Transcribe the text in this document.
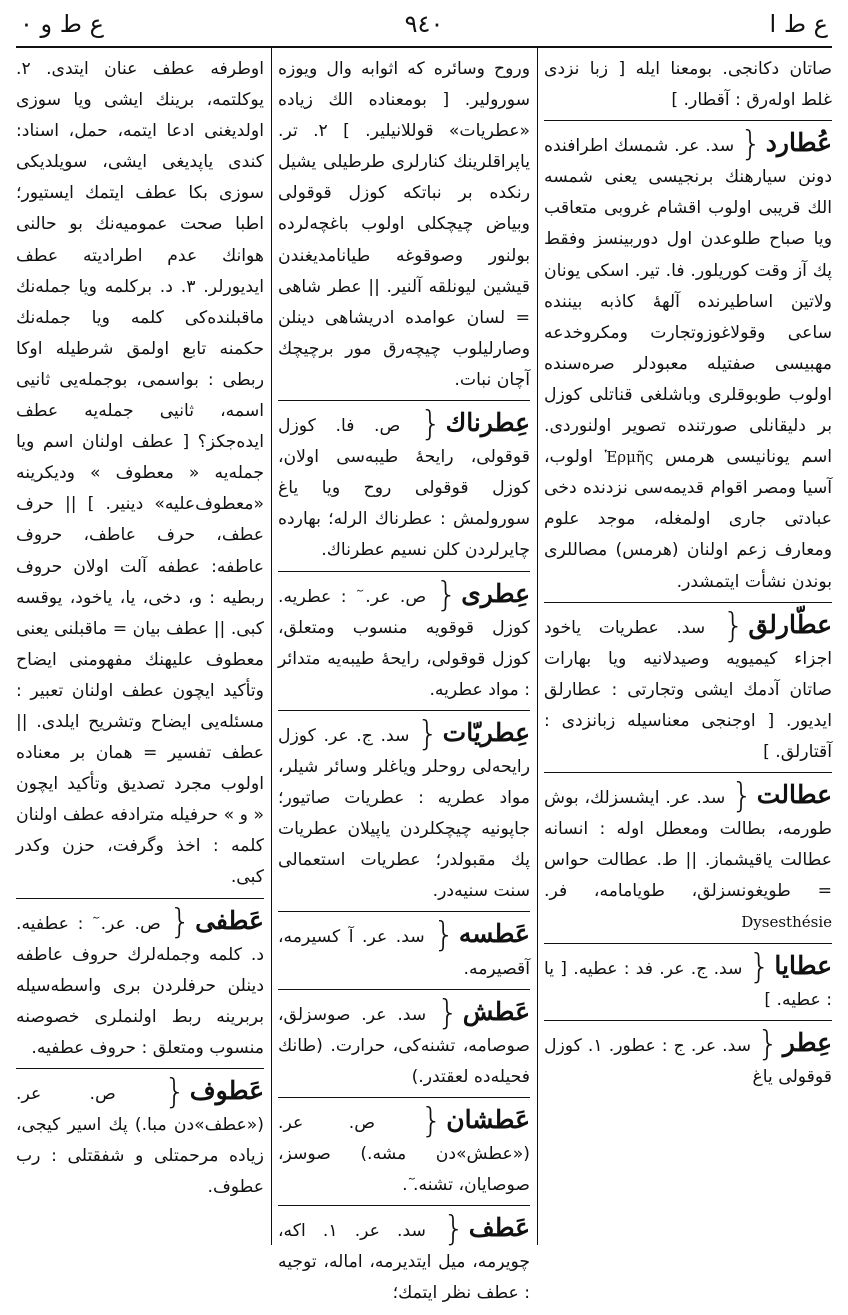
ع ط و ۰	۹٤۰	ع ط ا

صاتان دكانجى. بومعنا ايله [ زبا نزدى غلط اوله‌رق : آقطار. ]

عُطارد{ سد. عر. شمسك اطرافنده دونن سیارهنك برنجیسى يعنى شمسه الك قريبى اولوب اقشام غروبى متعاقب ويا صباح طلوعدن اول دوربينسز وفقط پك آز وقت كوريلور. فا. تير. اسكى يونان ولاتين اساطيرنده آلهۀ كاذبه بيننده ساعى وقولاغوزوتجارت ومكروخدعه مهبيسى صفتيله معبودلر صره‌سنده اولوب طوبوقلرى وباشلغى قناتلى كوزل بر دليقانلى صورتنده تصوير اولنوردى. اسم يونانيسى هرمس Ἑρμῆς اولوب، آسيا ومصر اقوام قديمه‌سى نزدنده دخى عبادتى جارى اولمغله، موجد علوم ومعارف زعم اولنان (هرمس) مصاللرى بوندن نشأت ايتمشدر.
عطّارلق{ سد. عطريات ياخود اجزاء كيمیويه وصيدلانيه ويا بهارات صاتان آدمك ايشى وتجارتى : عطارلق ايديور. [ اوجنجى معناسيله زبانزدى : آقتارلق. ]
عطالت{ سد. عر. ايشسزلك، بوش طورمه، بطالت ومعطل اوله : انسانه عطالت ياقيشماز. || ط. عطالت حواس = طويغونسزلق، طويامامه، فر. Dysesthésie
عطايا{ سد. ج. عر. فد : عطيه. [ يا : عطيه. ]
عِطر{ سد. عر. ج : عطور. ۱. كوزل قوقولى ياغ

وروح وسائره كه اثوابه وال ويوزه سورولير. [ بومعناده الك زياده «عطريات» قوللانيلير. ] ۲. تر. ياپراقلرينك كنارلرى طرطيلى يشيل رنكده بر نباتكه كوزل قوقولى وبياض چيچكلى اولوب باغچه‌لرده بولنور وصوقوغه طيانامديغندن قيشين ليونلقه آلنير. || عطر شاهى = لسان عوامده ادريشاهى دينلن وصارليلوب چيچه‌رق مور برچيچك آچان نبات.

عِطرناك{ ص. فا. كوزل قوقولى، رايحۀ طيبه‌سى اولان، كوزل قوقولى روح ويا ياغ سورولمش : عطرناك الرله؛ بهارده چايرلردن كلن نسيم عطرناك.
عِطرى{ ص. عر. ٓ : عطريه. كوزل قوقويه منسوب ومتعلق، كوزل قوقولى، رايحۀ طيبه‌يه متدائر : مواد عطريه.
عِطريّات{ سد. ج. عر. كوزل رايحه‌لى روحلر وياغلر وسائر شيلر، مواد عطريه : عطريات صاتيور؛ جاپونيه چيچكلردن ياپيلان عطريات پك مقبولدر؛ عطريات استعمالى سنت سنيه‌در.
عَطسه{ سد. عر. آ كسيرمه، آقصيرمه.
عَطش{ سد. عر. صوسزلق، صوصامه، تشنه‌كى، حرارت. (طانك فحيله‌ده لعقتدر.)
عَطشان{ ص. عر. («عطش»دن مشه.) صوسز، صوصايان، تشنه. ٓ.
عَطف{ سد. عر. ۱. اكه، چويرمه، ميل ايتديرمه، اماله، توجيه : عطف نظر ايتمك؛

اوطرفه عطف عنان ايتدى. ۲. يوكلتمه، برينك ايشى ويا سوزى اولديغنى ادعا ايتمه، حمل، اسناد: كندى ياپديغى ايشى، سويلديكى سوزى بكا عطف ايتمك ايستيور؛ اطبا صحت عموميه‌نك بو حالنى هوانك عدم اطراديته عطف ايديورلر. ۳. د. بركلمه ويا جمله‌نك ماقبلنده‌كى كلمه ويا جمله‌نك حكمنه تابع اولمق شرطيله اوكا ربطى : بواسمى، بوجمله‌يى ثانيى اسمه، ثانيى جمله‌يه عطف ايده‌جكز؟ [ عطف اولنان اسم ويا جمله‌يه « معطوف » وديكرينه «معطوف‌عليه» دينير. ] || حرف عطف، حرف عاطف، حروف عاطفه: عطفه آلت اولان حروف ربطيه : و، دخى، يا، ياخود، يوقسه كبى. || عطف بيان = ماقبلنى يعنى معطوف عليهنك مفهومنى ايضاح وتأكيد ايچون عطف اولنان تعبير : مسئله‌يى ايضاح وتشريح ايلدى. || عطف تفسير = همان بر معناده اولوب مجرد تصديق وتأكيد ايچون « و » حرفيله مترادفه عطف اولنان كلمه : اخذ وگرفت، حزن وكدر كبى.

عَطفى{ ص. عر. ٓ : عطفيه. د. كلمه وجمله‌لرك حروف عاطفه دينلن حرفلردن برى واسطه‌سيله بربرينه ربط اولنملرى خصوصنه منسوب ومتعلق : حروف عطفيه.
عَطوف{ ص. عر. («عطف»دن مبا.) پك اسير كيجى، زياده مرحمتلى و شفقتلى : رب عطوف.
